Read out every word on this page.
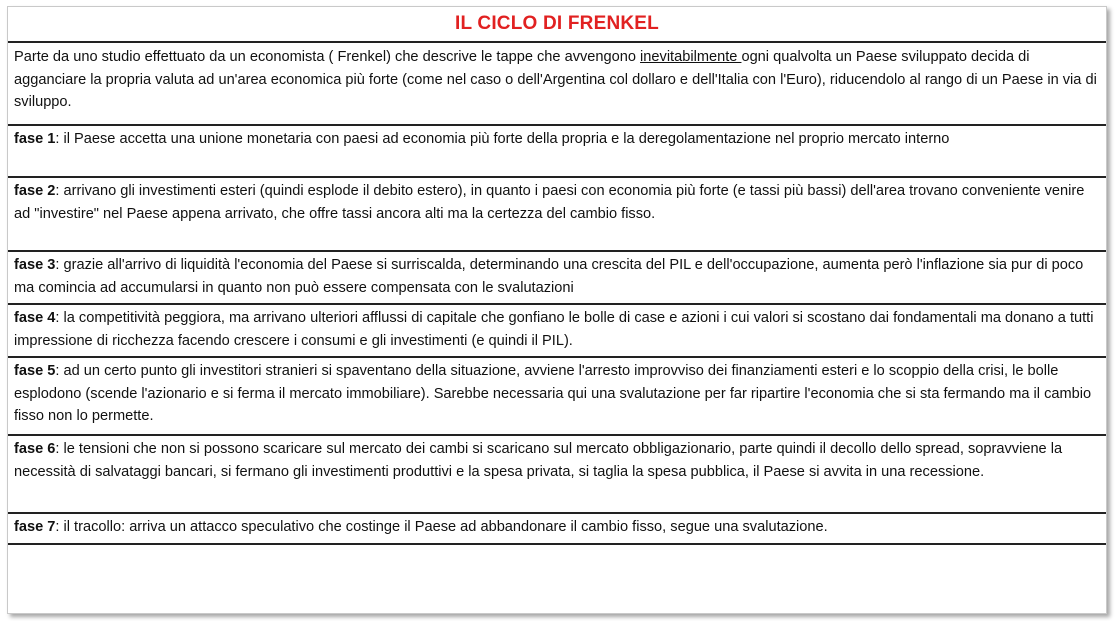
IL CICLO DI FRENKEL
Parte da uno studio effettuato da un economista ( Frenkel) che descrive le tappe che avvengono inevitabilmente ogni qualvolta un Paese sviluppato decida di agganciare la propria valuta ad un'area economica più forte (come nel caso o dell'Argentina col dollaro e dell'Italia con l'Euro), riducendolo al rango di un Paese in via di sviluppo.
fase 1: il Paese accetta una unione monetaria con paesi ad economia più forte della propria e la deregolamentazione nel proprio mercato interno
fase 2: arrivano gli investimenti esteri (quindi esplode il debito estero), in quanto i paesi con economia più forte (e tassi più bassi) dell'area trovano conveniente venire ad "investire" nel Paese appena arrivato, che offre tassi ancora alti ma la certezza del cambio fisso.
fase 3: grazie all'arrivo di liquidità l'economia del Paese si surriscalda, determinando una crescita del PIL e dell'occupazione, aumenta però l'inflazione sia pur di poco ma comincia ad accumularsi in quanto non può essere compensata con le svalutazioni
fase 4: la competitività peggiora, ma arrivano ulteriori afflussi di capitale che gonfiano le bolle di case e azioni i cui valori si scostano dai fondamentali ma donano a tutti impressione di ricchezza facendo crescere i consumi e gli investimenti (e quindi il PIL).
fase 5: ad un certo punto gli investitori stranieri si spaventano della situazione, avviene l'arresto improvviso dei finanziamenti esteri e lo scoppio della crisi, le bolle esplodono (scende l'azionario e si ferma il mercato immobiliare). Sarebbe necessaria qui una svalutazione per far ripartire l'economia che si sta fermando ma il cambio fisso non lo permette.
fase 6: le tensioni che non si possono scaricare sul mercato dei cambi si scaricano sul mercato obbligazionario, parte quindi il decollo dello spread, sopravviene la necessità di salvataggi bancari, si fermano gli investimenti produttivi e la spesa privata, si taglia la spesa pubblica, il Paese si avvita in una recessione.
fase 7: il tracollo: arriva un attacco speculativo che costinge il Paese ad abbandonare il cambio fisso, segue una svalutazione.
